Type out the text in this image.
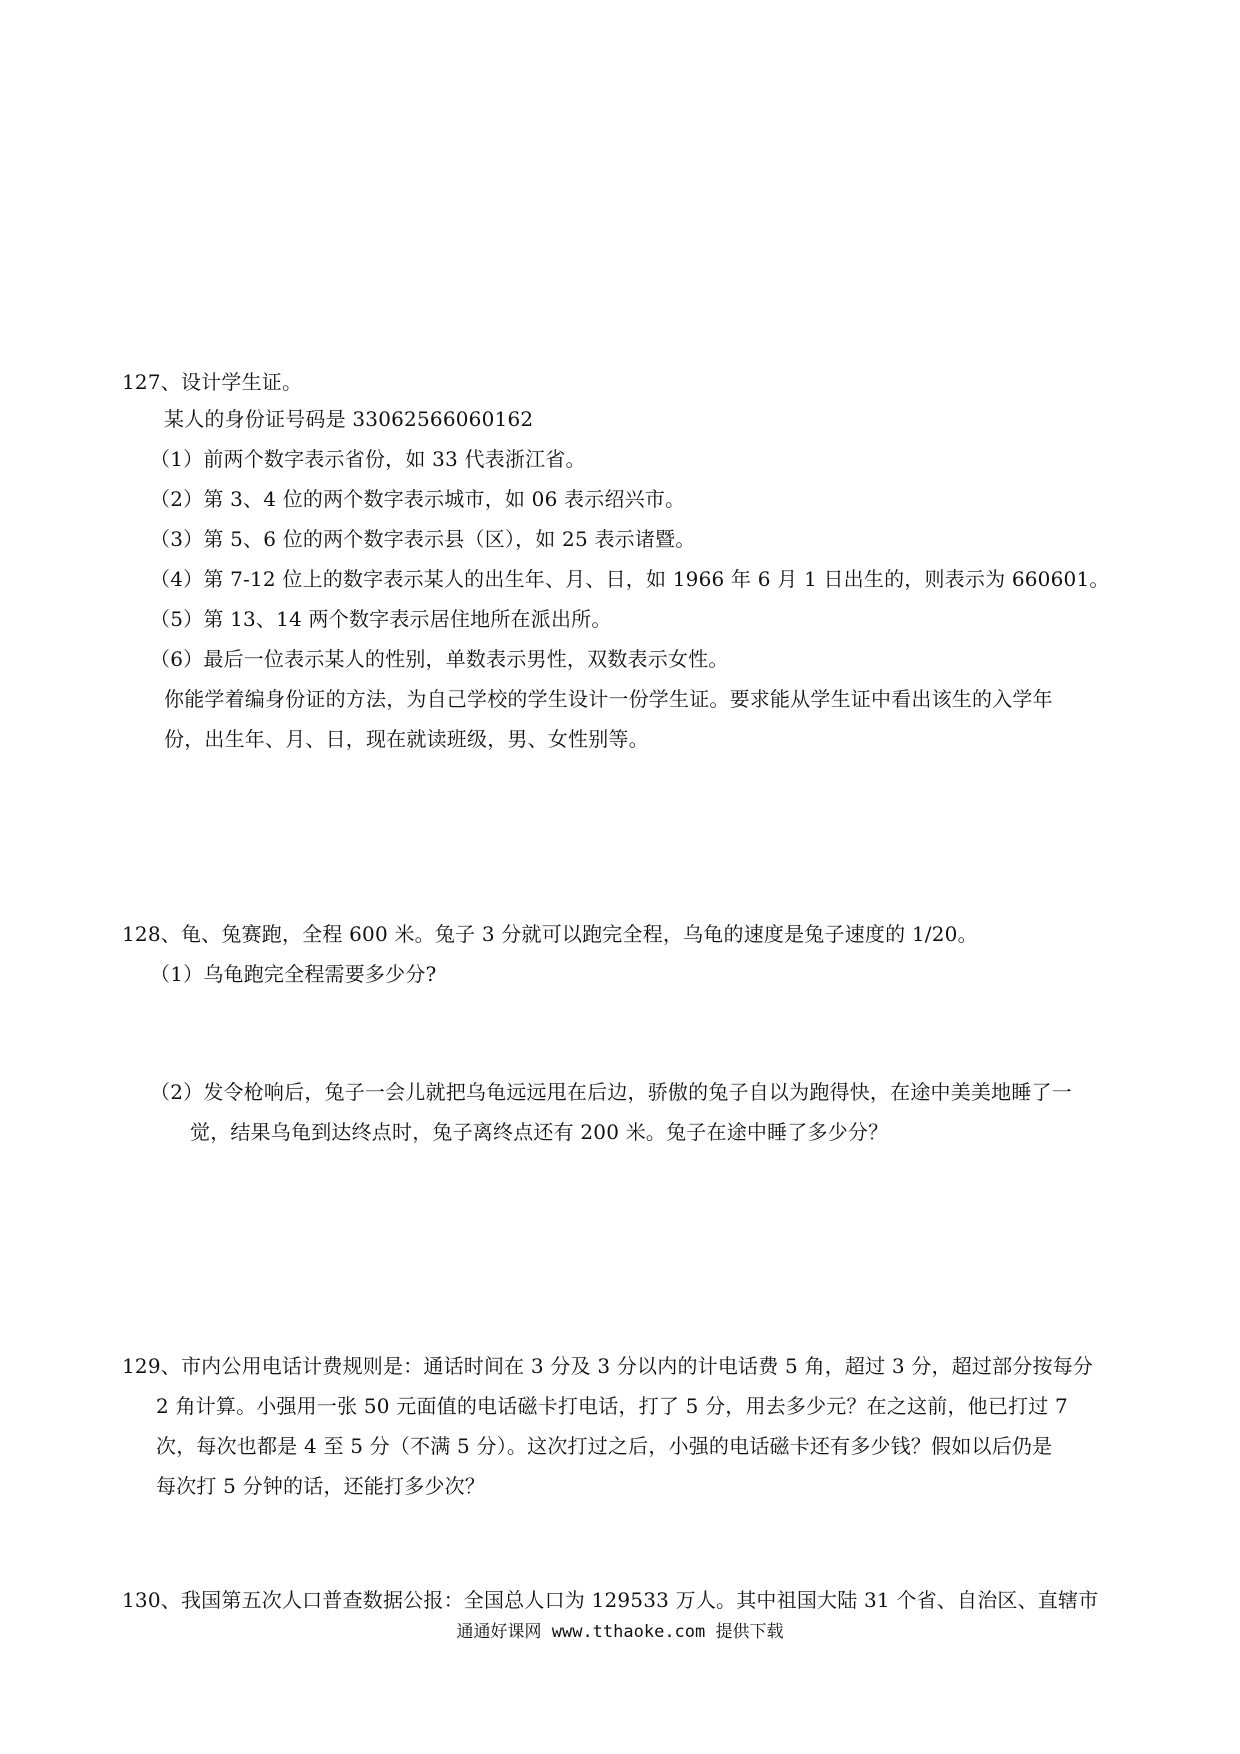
127、设计学生证。
某人的身份证号码是 33062566060162
（1）前两个数字表示省份，如 33 代表浙江省。
（2）第 3、4 位的两个数字表示城市，如 06 表示绍兴市。
（3）第 5、6 位的两个数字表示县（区），如 25 表示诸暨。
（4）第 7-12 位上的数字表示某人的出生年、月、日，如 1966 年 6 月 1 日出生的，则表示为 660601。
（5）第 13、14 两个数字表示居住地所在派出所。
（6）最后一位表示某人的性别，单数表示男性，双数表示女性。
你能学着编身份证的方法，为自己学校的学生设计一份学生证。要求能从学生证中看出该生的入学年
份，出生年、月、日，现在就读班级，男、女性别等。
128、龟、兔赛跑，全程 600 米。兔子 3 分就可以跑完全程，乌龟的速度是兔子速度的 1/20。
（1）乌龟跑完全程需要多少分?
（2）发令枪响后，兔子一会儿就把乌龟远远甩在后边，骄傲的兔子自以为跑得快，在途中美美地睡了一
觉，结果乌龟到达终点时，兔子离终点还有 200 米。兔子在途中睡了多少分？
129、市内公用电话计费规则是：通话时间在 3 分及 3 分以内的计电话费 5 角，超过 3 分，超过部分按每分
2 角计算。小强用一张 50 元面值的电话磁卡打电话，打了 5 分，用去多少元？在之这前，他已打过 7
次，每次也都是 4 至 5 分（不满 5 分）。这次打过之后，小强的电话磁卡还有多少钱？假如以后仍是
每次打 5 分钟的话，还能打多少次？
130、我国第五次人口普查数据公报：全国总人口为 129533 万人。其中祖国大陆 31 个省、自治区、直辖市
通通好课网 www.tthaoke.com 提供下载
